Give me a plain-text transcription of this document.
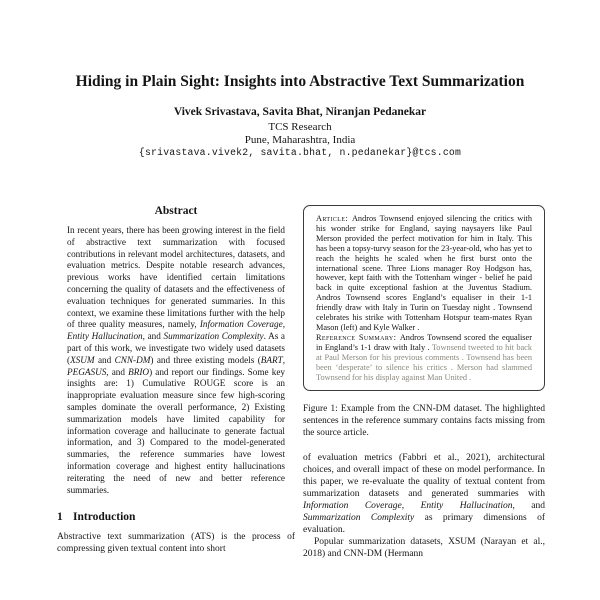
Hiding in Plain Sight: Insights into Abstractive Text Summarization
Vivek Srivastava, Savita Bhat, Niranjan Pedanekar
TCS Research
Pune, Maharashtra, India
{srivastava.vivek2, savita.bhat, n.pedanekar}@tcs.com
Abstract
In recent years, there has been growing interest in the field of abstractive text summarization with focused contributions in relevant model architectures, datasets, and evaluation metrics. Despite notable research advances, previous works have identified certain limitations concerning the quality of datasets and the effectiveness of evaluation techniques for generated summaries. In this context, we examine these limitations further with the help of three quality measures, namely, Information Coverage, Entity Hallucination, and Summarization Complexity. As a part of this work, we investigate two widely used datasets (XSUM and CNN-DM) and three existing models (BART, PEGASUS, and BRIO) and report our findings. Some key insights are: 1) Cumulative ROUGE score is an inappropriate evaluation measure since few high-scoring samples dominate the overall performance, 2) Existing summarization models have limited capability for information coverage and hallucinate to generate factual information, and 3) Compared to the model-generated summaries, the reference summaries have lowest information coverage and highest entity hallucinations reiterating the need of new and better reference summaries.
1 Introduction

Abstractive text summarization (ATS) is the process of compressing given textual content into short

Article: Andros Townsend enjoyed silencing the critics with his wonder strike for England, saying naysayers like Paul Merson provided the perfect motivation for him in Italy. This has been a topsy-turvy season for the 23-year-old, who has yet to reach the heights he scaled when he first burst onto the international scene. Three Lions manager Roy Hodgson has, however, kept faith with the Tottenham winger - belief he paid back in quite exceptional fashion at the Juventus Stadium. Andros Townsend scores England’s equaliser in their 1-1 friendly draw with Italy in Turin on Tuesday night . Townsend celebrates his strike with Tottenham Hotspur team-mates Ryan Mason (left) and Kyle Walker .

Reference Summary: Andros Townsend scored the equaliser in England’s 1-1 draw with Italy . Townsend tweeted to hit back at Paul Merson for his previous comments . Townsend has been been ‘desperate’ to silence his critics . Merson had slammed Townsend for his display against Man United .

Figure 1: Example from the CNN-DM dataset. The highlighted sentences in the reference summary contains facts missing from the source article.

of evaluation metrics (Fabbri et al., 2021), architectural choices, and overall impact of these on model performance. In this paper, we re-evaluate the quality of textual content from summarization datasets and generated summaries with Information Coverage, Entity Hallucination, and Summarization Complexity as primary dimensions of evaluation.

Popular summarization datasets, XSUM (Narayan et al., 2018) and CNN-DM (Hermann
